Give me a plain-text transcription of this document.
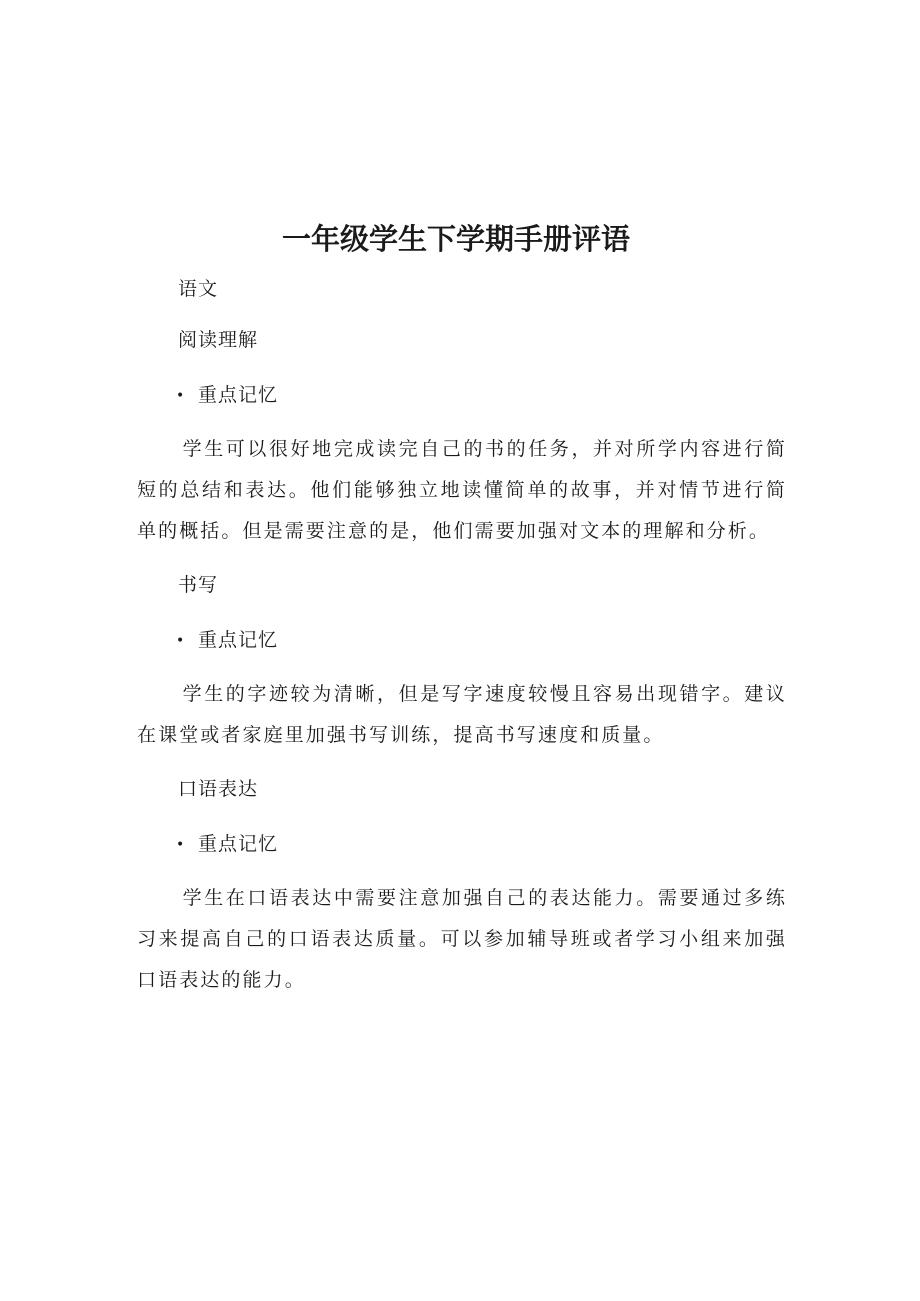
一年级学生下学期手册评语
语文
阅读理解
• 重点记忆
学生可以很好地完成读完自己的书的任务，并对所学内容进行简短的总结和表达。他们能够独立地读懂简单的故事，并对情节进行简单的概括。但是需要注意的是，他们需要加强对文本的理解和分析。
书写
• 重点记忆
学生的字迹较为清晰，但是写字速度较慢且容易出现错字。建议在课堂或者家庭里加强书写训练，提高书写速度和质量。
口语表达
• 重点记忆
学生在口语表达中需要注意加强自己的表达能力。需要通过多练习来提高自己的口语表达质量。可以参加辅导班或者学习小组来加强口语表达的能力。
